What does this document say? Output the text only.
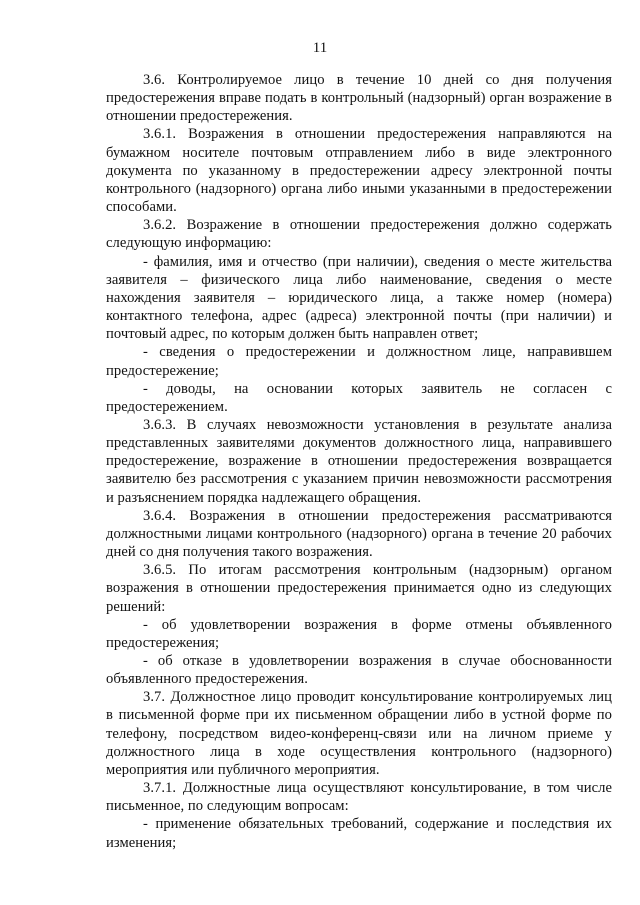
11

3.6. Контролируемое лицо в течение 10 дней со дня получения предостережения вправе подать в контрольный (надзорный) орган возражение в отношении предостережения.

3.6.1. Возражения в отношении предостережения направляются на бумажном носителе почтовым отправлением либо в виде электронного документа по указанному в предостережении адресу электронной почты контрольного (надзорного) органа либо иными указанными в предостережении способами.

3.6.2. Возражение в отношении предостережения должно содержать следующую информацию:

- фамилия, имя и отчество (при наличии), сведения о месте жительства заявителя – физического лица либо наименование, сведения о месте нахождения заявителя – юридического лица, а также номер (номера) контактного телефона, адрес (адреса) электронной почты (при наличии) и почтовый адрес, по которым должен быть направлен ответ;

- сведения о предостережении и должностном лице, направившем предостережение;

- доводы, на основании которых заявитель не согласен с предостережением.

3.6.3. В случаях невозможности установления в результате анализа представленных заявителями документов должностного лица, направившего предостережение, возражение в отношении предостережения возвращается заявителю без рассмотрения с указанием причин невозможности рассмотрения и разъяснением порядка надлежащего обращения.

3.6.4. Возражения в отношении предостережения рассматриваются должностными лицами контрольного (надзорного) органа в течение 20 рабочих дней со дня получения такого возражения.

3.6.5. По итогам рассмотрения контрольным (надзорным) органом возражения в отношении предостережения принимается одно из следующих решений:

- об удовлетворении возражения в форме отмены объявленного предостережения;

- об отказе в удовлетворении возражения в случае обоснованности объявленного предостережения.

3.7. Должностное лицо проводит консультирование контролируемых лиц в письменной форме при их письменном обращении либо в устной форме по телефону, посредством видео-конференц-связи или на личном приеме у должностного лица в ходе осуществления контрольного (надзорного) мероприятия или публичного мероприятия.

3.7.1. Должностные лица осуществляют консультирование, в том числе письменное, по следующим вопросам:

- применение обязательных требований, содержание и последствия их изменения;
